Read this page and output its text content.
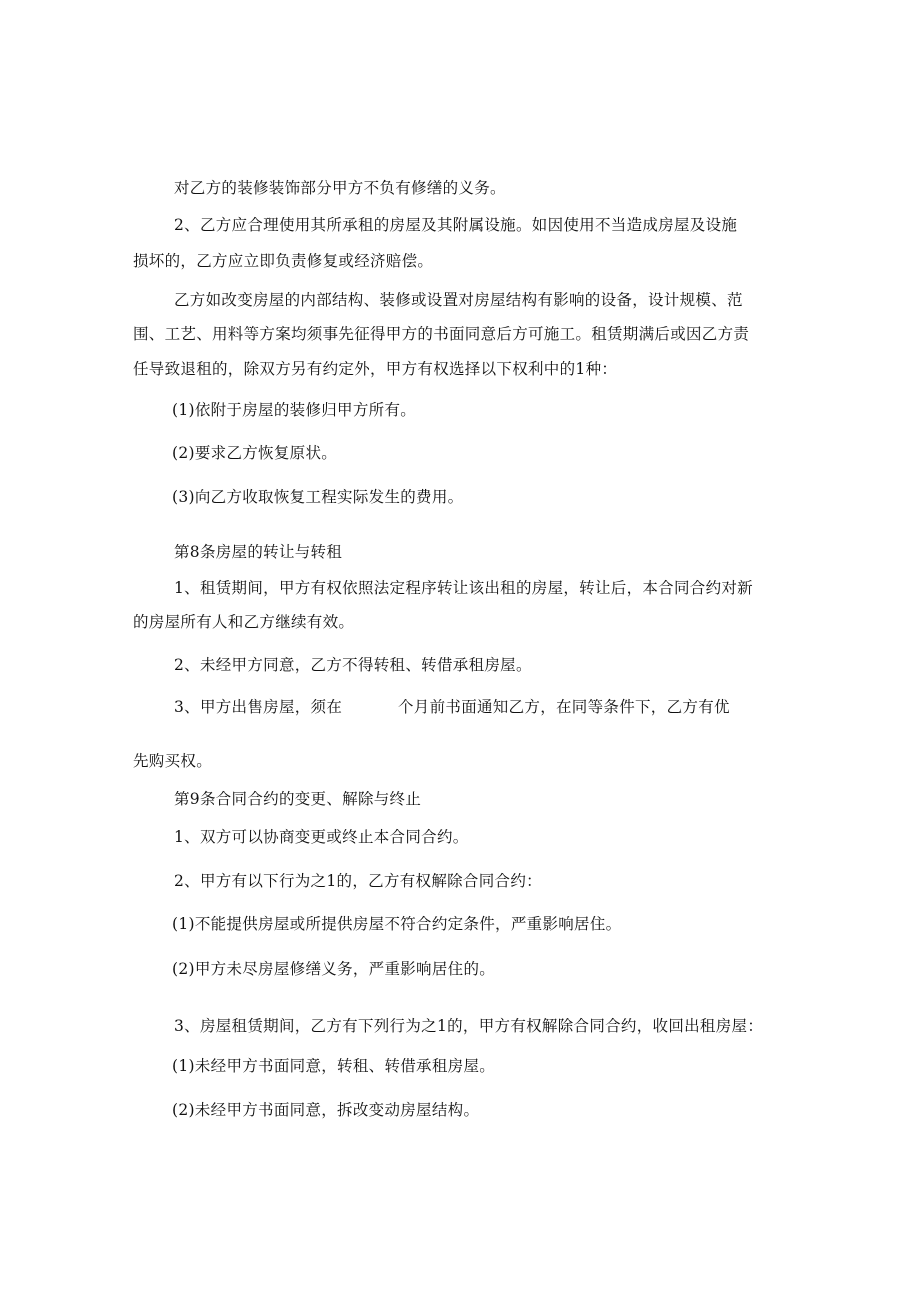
对乙方的装修装饰部分甲方不负有修缮的义务。
2、乙方应合理使用其所承租的房屋及其附属设施。如因使用不当造成房屋及设施
损坏的，乙方应立即负责修复或经济赔偿。
乙方如改变房屋的内部结构、装修或设置对房屋结构有影响的设备，设计规模、范
围、工艺、用料等方案均须事先征得甲方的书面同意后方可施工。租赁期满后或因乙方责
任导致退租的，除双方另有约定外，甲方有权选择以下权利中的1种：
(1)依附于房屋的装修归甲方所有。
(2)要求乙方恢复原状。
(3)向乙方收取恢复工程实际发生的费用。
第8条房屋的转让与转租
1、租赁期间，甲方有权依照法定程序转让该出租的房屋，转让后，本合同合约对新
的房屋所有人和乙方继续有效。
2、未经甲方同意，乙方不得转租、转借承租房屋。
3、甲方出售房屋，须在	个月前书面通知乙方，在同等条件下，乙方有优
先购买权。
第9条合同合约的变更、解除与终止
1、双方可以协商变更或终止本合同合约。
2、甲方有以下行为之1的，乙方有权解除合同合约：
(1)不能提供房屋或所提供房屋不符合约定条件，严重影响居住。
(2)甲方未尽房屋修缮义务，严重影响居住的。
3、房屋租赁期间，乙方有下列行为之1的，甲方有权解除合同合约，收回出租房屋：
(1)未经甲方书面同意，转租、转借承租房屋。
(2)未经甲方书面同意，拆改变动房屋结构。
